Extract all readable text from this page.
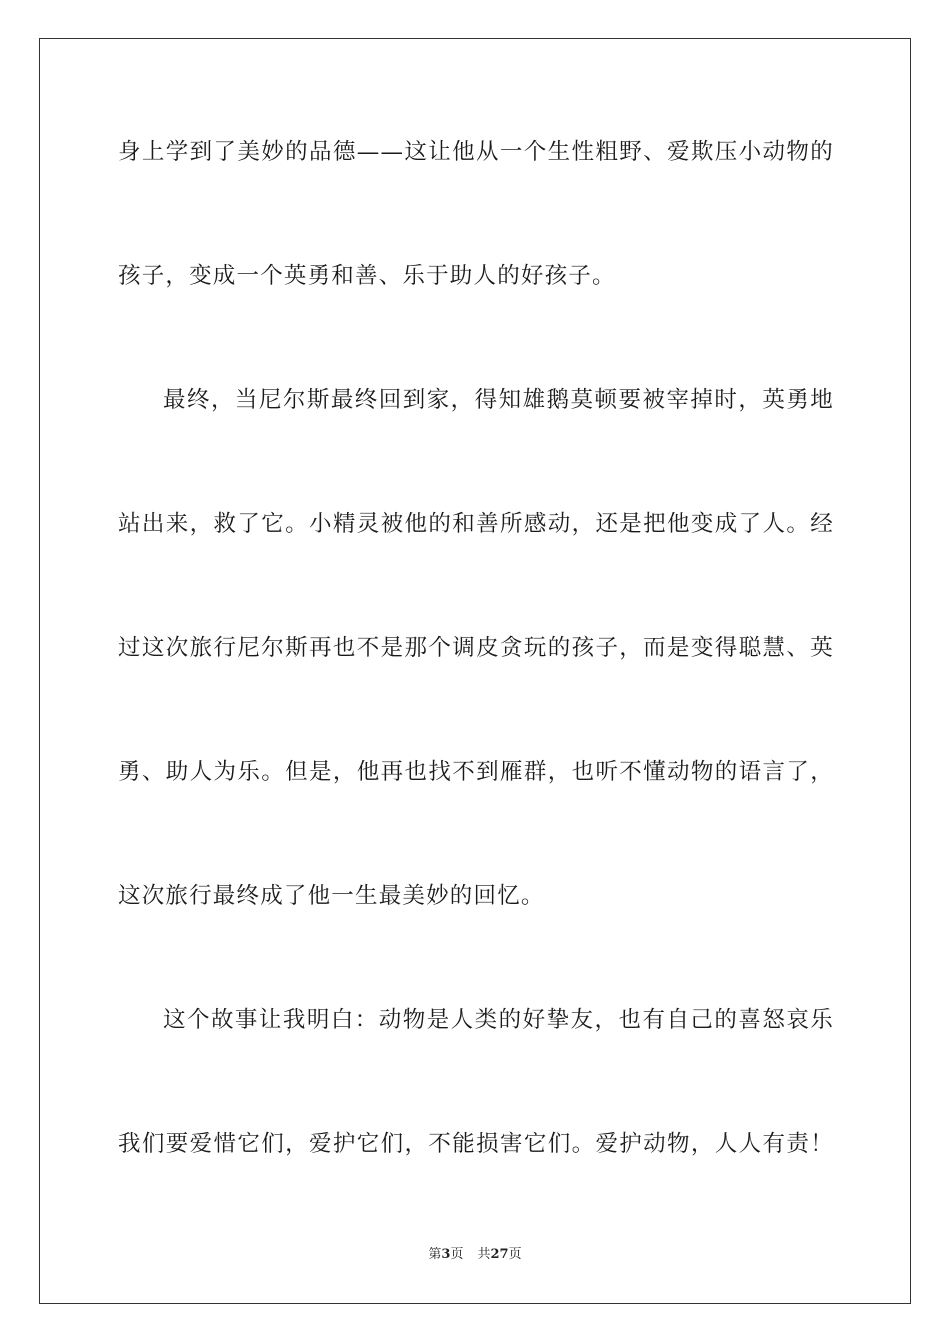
身上学到了美妙的品德——这让他从一个生性粗野、爱欺压小动物的
孩子，变成一个英勇和善、乐于助人的好孩子。
最终，当尼尔斯最终回到家，得知雄鹅莫顿要被宰掉时，英勇地
站出来，救了它。小精灵被他的和善所感动，还是把他变成了人。经
过这次旅行尼尔斯再也不是那个调皮贪玩的孩子，而是变得聪慧、英
勇、助人为乐。但是，他再也找不到雁群，也听不懂动物的语言了，
这次旅行最终成了他一生最美妙的回忆。
这个故事让我明白：动物是人类的好挚友，也有自己的喜怒哀乐
我们要爱惜它们，爱护它们，不能损害它们。爱护动物，人人有责！
第3页 共27页
